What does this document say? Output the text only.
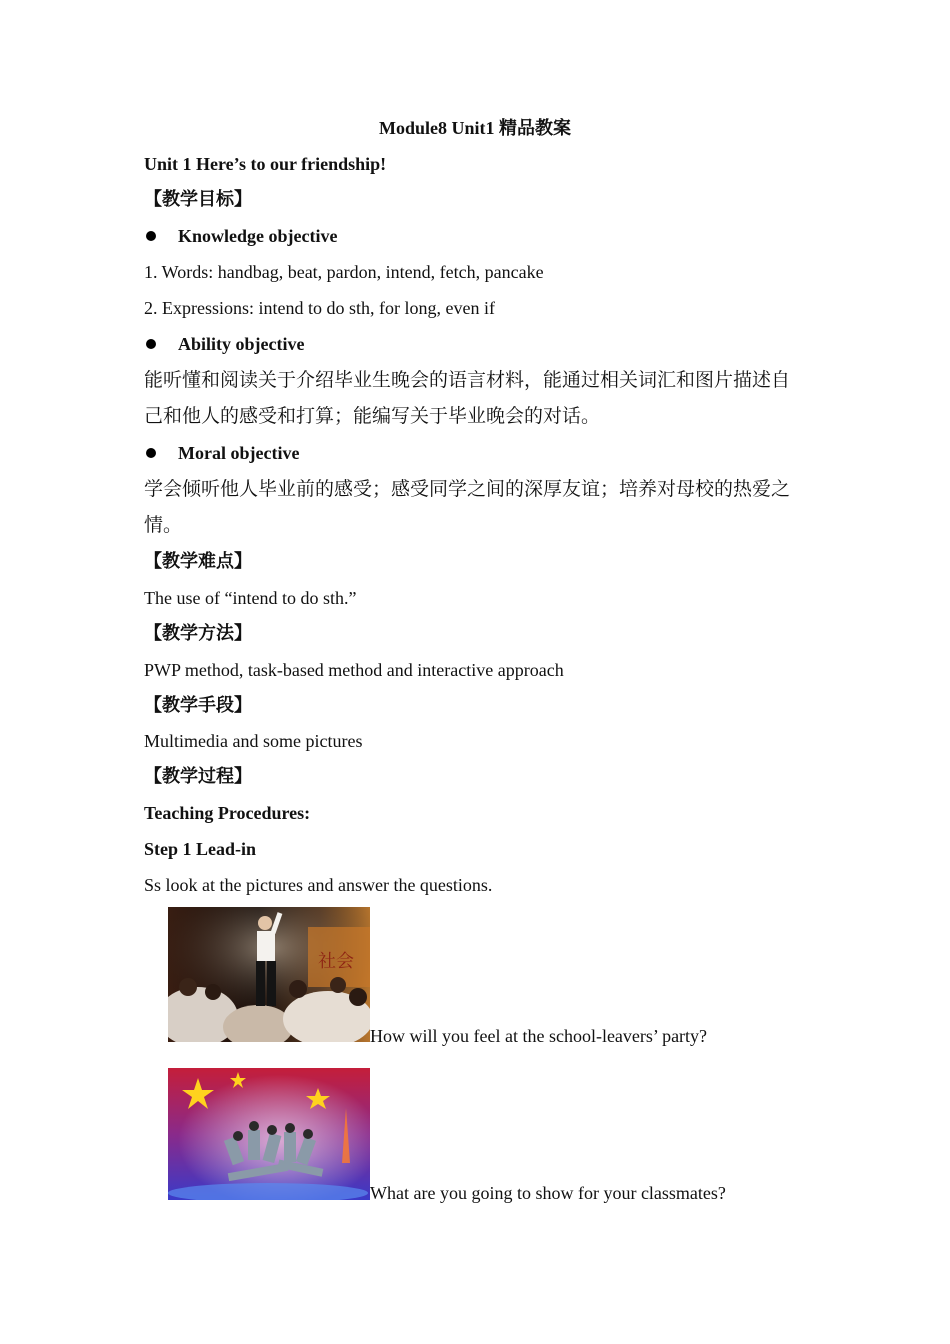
Module8 Unit1 精品教案
Unit 1 Here’s to our friendship!
【教学目标】
Knowledge objective
1. Words: handbag, beat, pardon, intend, fetch, pancake
2. Expressions: intend to do sth, for long, even if
Ability objective
能听懂和阅读关于介绍毕业生晚会的语言材料，能通过相关词汇和图片描述自
己和他人的感受和打算；能编写关于毕业晚会的对话。
Moral objective
学会倾听他人毕业前的感受；感受同学之间的深厚友谊；培养对母校的热爱之
情。
【教学难点】
The use of “intend to do sth.”
【教学方法】
PWP method, task-based method and interactive approach
【教学手段】
Multimedia and some pictures
【教学过程】
Teaching Procedures:
Step 1 Lead-in
Ss look at the pictures and answer the questions.
社会
How will you feel at the school-leavers’ party?
What are you going to show for your classmates?
